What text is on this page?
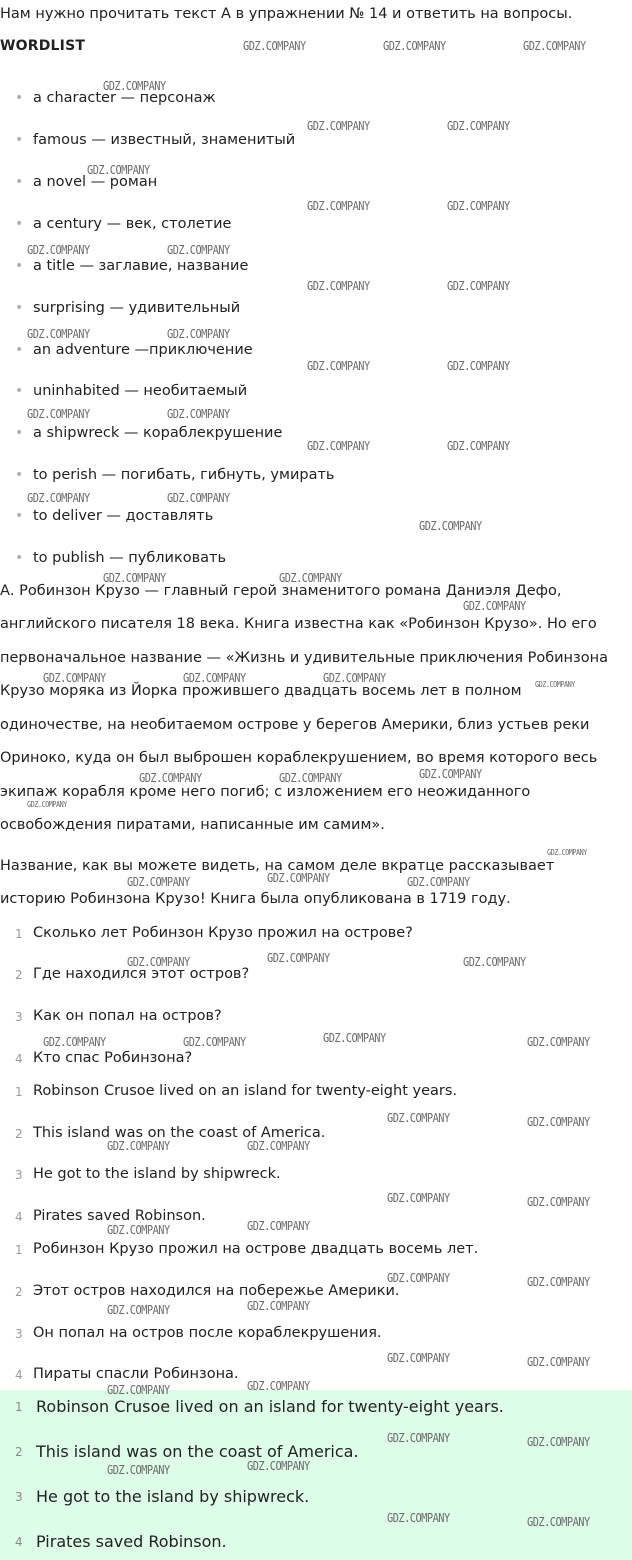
Нам нужно прочитать текст А в упражнении № 14 и ответить на вопросы.
WORDLIST
• a character — персонаж
• famous — известный, знаменитый
• a novel — роман
• a century — век, столетие
• a title — заглавие, название
• surprising — удивительный
• an adventure —приключение
• uninhabited — необитаемый
• a shipwreck — кораблекрушение
• to perish — погибать, гибнуть, умирать
• to deliver — доставлять
• to publish — публиковать
А. Робинзон Крузо — главный герой знаменитого романа Даниэля Дефо,
английского писателя 18 века. Книга известна как «Робинзон Крузо». Но его
первоначальное название — «Жизнь и удивительные приключения Робинзона
Крузо моряка из Йорка прожившего двадцать восемь лет в полном
одиночестве, на необитаемом острове у берегов Америки, близ устьев реки
Ориноко, куда он был выброшен кораблекрушением, во время которого весь
экипаж корабля кроме него погиб; с изложением его неожиданного
освобождения пиратами, написанные им самим».
Название, как вы можете видеть, на самом деле вкратце рассказывает
историю Робинзона Крузо! Книга была опубликована в 1719 году.
1 Сколько лет Робинзон Крузо прожил на острове?
2 Где находился этот остров?
3 Как он попал на остров?
4 Кто спас Робинзона?
1 Robinson Crusoe lived on an island for twenty-eight years.
2 This island was on the coast of America.
3 He got to the island by shipwreck.
4 Pirates saved Robinson.
1 Робинзон Крузо прожил на острове двадцать восемь лет.
2 Этот остров находился на побережье Америки.
3 Он попал на остров после кораблекрушения.
4 Пираты спасли Робинзона.
1 Robinson Crusoe lived on an island for twenty-eight years.
2 This island was on the coast of America.
3 He got to the island by shipwreck.
4 Pirates saved Robinson.
GDZ.COMPANY	GDZ.COMPANY	GDZ.COMPANY
GDZ.COMPANY
GDZ.COMPANY	GDZ.COMPANY
GDZ.COMPANY
GDZ.COMPANY	GDZ.COMPANY
GDZ.COMPANY	GDZ.COMPANY
GDZ.COMPANY	GDZ.COMPANY
GDZ.COMPANY	GDZ.COMPANY
GDZ.COMPANY	GDZ.COMPANY
GDZ.COMPANY	GDZ.COMPANY
GDZ.COMPANY	GDZ.COMPANY
GDZ.COMPANY	GDZ.COMPANY
GDZ.COMPANY
GDZ.COMPANY	GDZ.COMPANY
GDZ.COMPANY
GDZ.COMPANY	GDZ.COMPANY	GDZ.COMPANY	GDZ.COMPANY
GDZ.COMPANY	GDZ.COMPANY	GDZ.COMPANY
GDZ.COMPANY
GDZ.COMPANY
GDZ.COMPANY	GDZ.COMPANY	GDZ.COMPANY
GDZ.COMPANY	GDZ.COMPANY	GDZ.COMPANY
GDZ.COMPANY	GDZ.COMPANY	GDZ.COMPANY	GDZ.COMPANY
GDZ.COMPANY	GDZ.COMPANY
GDZ.COMPANY	GDZ.COMPANY
GDZ.COMPANY	GDZ.COMPANY
GDZ.COMPANY	GDZ.COMPANY
GDZ.COMPANY	GDZ.COMPANY
GDZ.COMPANY	GDZ.COMPANY
GDZ.COMPANY	GDZ.COMPANY
GDZ.COMPANY	GDZ.COMPANY
GDZ.COMPANY	GDZ.COMPANY
GDZ.COMPANY	GDZ.COMPANY
GDZ.COMPANY	GDZ.COMPANY
